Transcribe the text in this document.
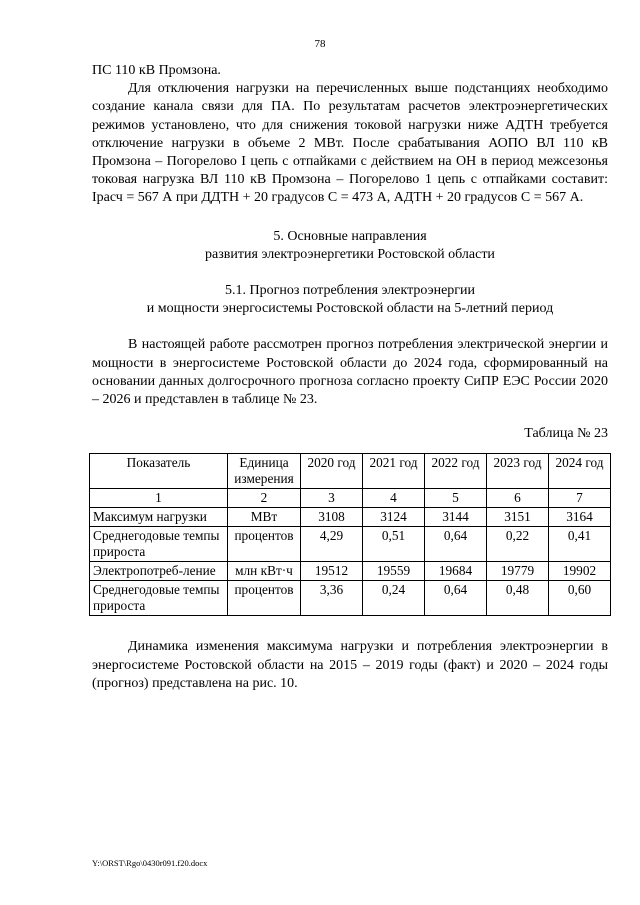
78

ПС 110 кВ Промзона.

Для отключения нагрузки на перечисленных выше подстанциях необходимо создание канала связи для ПА. По результатам расчетов электроэнергетических режимов установлено, что для снижения токовой нагрузки ниже АДТН требуется отключение нагрузки в объеме 2 МВт. После срабатывания АОПО ВЛ 110 кВ Промзона – Погорелово I цепь с отпайками с действием на ОН в период межсезонья токовая нагрузка ВЛ 110 кВ Промзона – Погорелово 1 цепь с отпайками составит: Iрасч = 567 А при ДДТН + 20 градусов С = 473 А, АДТН + 20 градусов С = 567 А.

5. Основные направления

развития электроэнергетики Ростовской области

5.1. Прогноз потребления электроэнергии

и мощности энергосистемы Ростовской области на 5-летний период

В настоящей работе рассмотрен прогноз потребления электрической энергии и мощности в энергосистеме Ростовской области до 2024 года, сформированный на основании данных долгосрочного прогноза согласно проекту СиПР ЕЭС России 2020 – 2026 и представлен в таблице № 23.

Таблица № 23

Показатель	Единица измерения	2020 год	2021 год	2022 год	2023 год	2024 год
1	2	3	4	5	6	7
Максимум нагрузки	МВт	3108	3124	3144	3151	3164
Среднегодовые темпы прироста	процентов	4,29	0,51	0,64	0,22	0,41
Электропотреб-ление	млн кВт·ч	19512	19559	19684	19779	19902
Среднегодовые темпы прироста	процентов	3,36	0,24	0,64	0,48	0,60

Динамика изменения максимума нагрузки и потребления электроэнергии в энергосистеме Ростовской области на 2015 – 2019 годы (факт) и 2020 – 2024 годы (прогноз) представлена на рис. 10.

Y:\ORST\Rgo\0430r091.f20.docx
